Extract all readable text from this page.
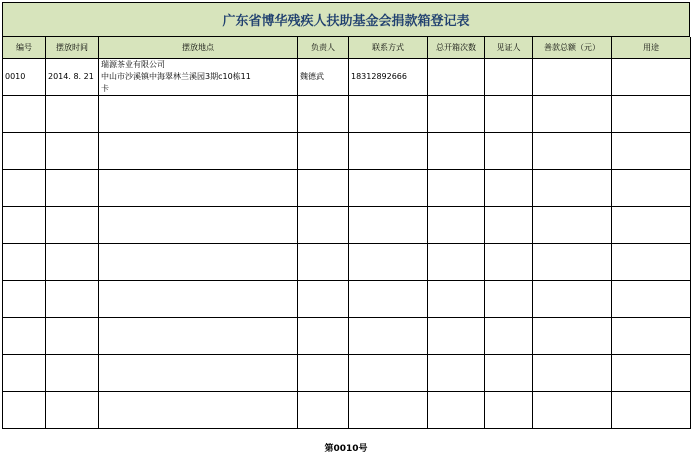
广东省博华残疾人扶助基金会捐款箱登记表
编号	摆放时间	摆放地点	负责人	联系方式	总开箱次数	见证人	善款总额（元）	用途
0010	2014. 8. 21	瑞源茶业有限公司
中山市沙溪镇中海翠林兰溪园3期c10栋11
卡	魏德武	18312892666				

第0010号
